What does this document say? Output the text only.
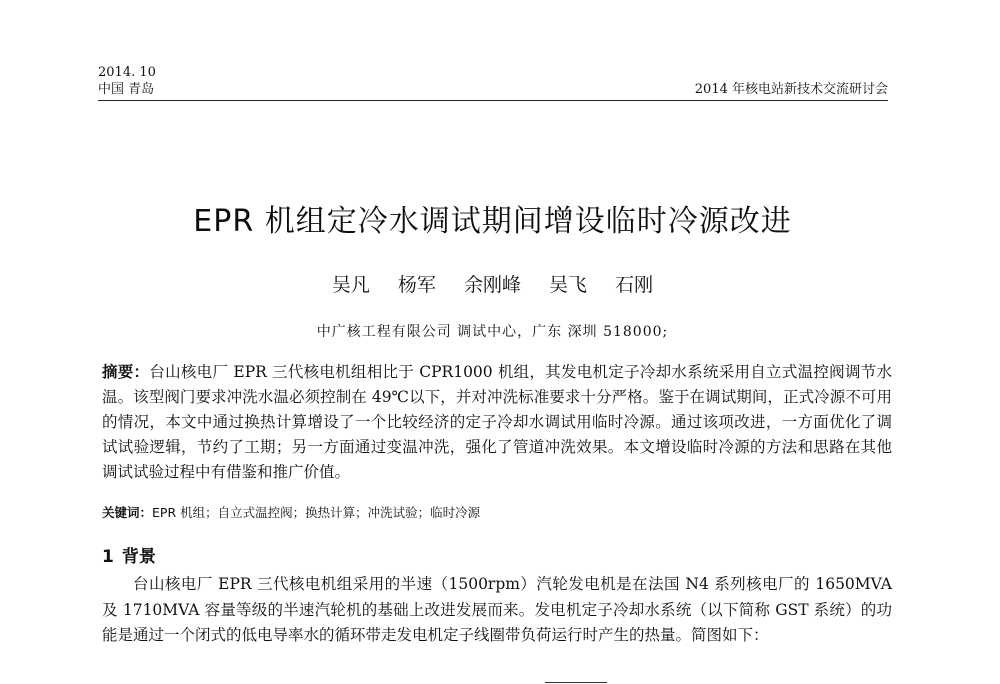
2014. 10
中国 青岛	2014 年核电站新技术交流研讨会
EPR 机组定冷水调试期间增设临时冷源改进
吴凡 杨军 余刚峰 吴飞 石刚
中广核工程有限公司 调试中心，广东 深圳 518000;
摘要：台山核电厂 EPR 三代核电机组相比于 CPR1000 机组，其发电机定子冷却水系统采用自立式温控阀调节水温。该型阀门要求冲洗水温必须控制在 49℃以下，并对冲洗标准要求十分严格。鉴于在调试期间，正式冷源不可用的情况，本文中通过换热计算增设了一个比较经济的定子冷却水调试用临时冷源。通过该项改进，一方面优化了调试试验逻辑，节约了工期；另一方面通过变温冲洗，强化了管道冲洗效果。本文增设临时冷源的方法和思路在其他调试试验过程中有借鉴和推广价值。
关键词：EPR 机组；自立式温控阀；换热计算；冲洗试验；临时冷源
1 背景
台山核电厂 EPR 三代核电机组采用的半速（1500rpm）汽轮发电机是在法国 N4 系列核电厂的 1650MVA 及 1710MVA 容量等级的半速汽轮机的基础上改进发展而来。发电机定子冷却水系统（以下简称 GST 系统）的功能是通过一个闭式的低电导率水的循环带走发电机定子线圈带负荷运行时产生的热量。简图如下：
